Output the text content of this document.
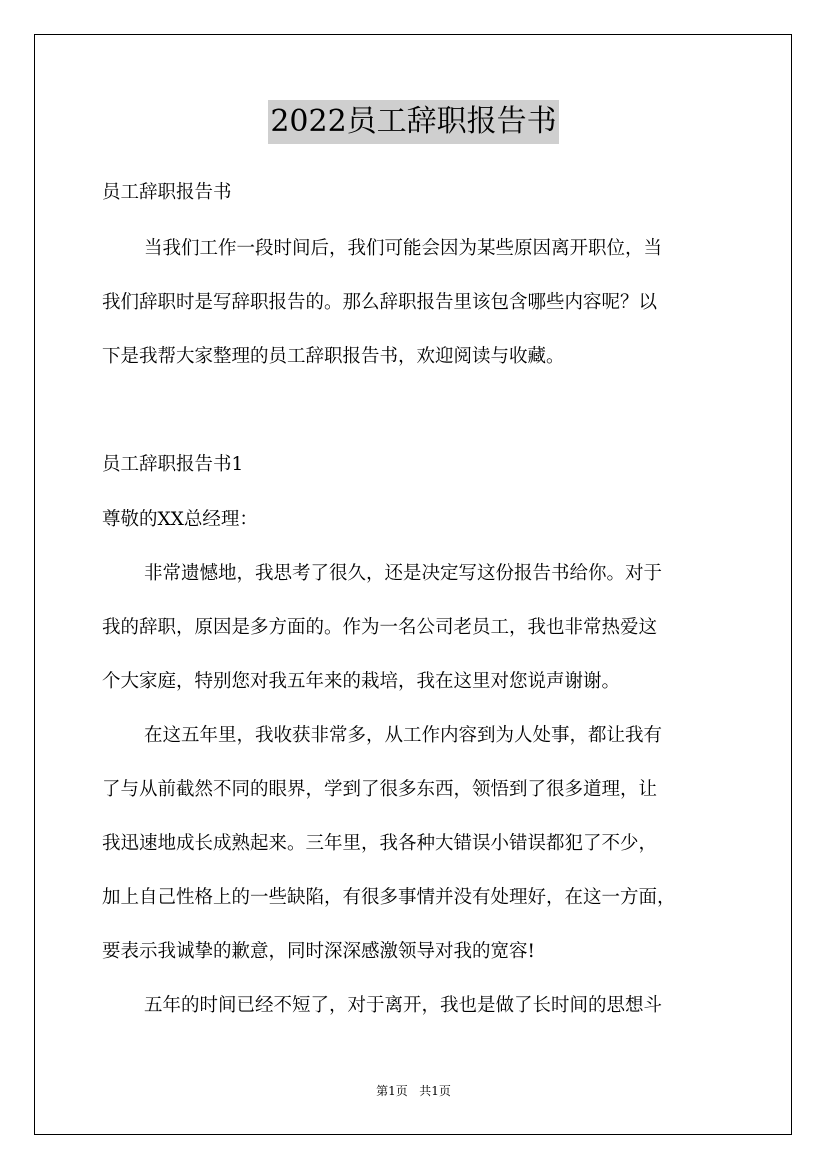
2022员工辞职报告书
员工辞职报告书
当我们工作一段时间后，我们可能会因为某些原因离开职位，当
我们辞职时是写辞职报告的。那么辞职报告里该包含哪些内容呢？以
下是我帮大家整理的员工辞职报告书，欢迎阅读与收藏。
员工辞职报告书1
尊敬的XX总经理：
非常遗憾地，我思考了很久，还是决定写这份报告书给你。对于
我的辞职，原因是多方面的。作为一名公司老员工，我也非常热爱这
个大家庭，特别您对我五年来的栽培，我在这里对您说声谢谢。
在这五年里，我收获非常多，从工作内容到为人处事，都让我有
了与从前截然不同的眼界，学到了很多东西，领悟到了很多道理，让
我迅速地成长成熟起来。三年里，我各种大错误小错误都犯了不少，
加上自己性格上的一些缺陷，有很多事情并没有处理好，在这一方面，
要表示我诚挚的歉意，同时深深感激领导对我的宽容!
五年的时间已经不短了，对于离开，我也是做了长时间的思想斗
第1页 共1页
